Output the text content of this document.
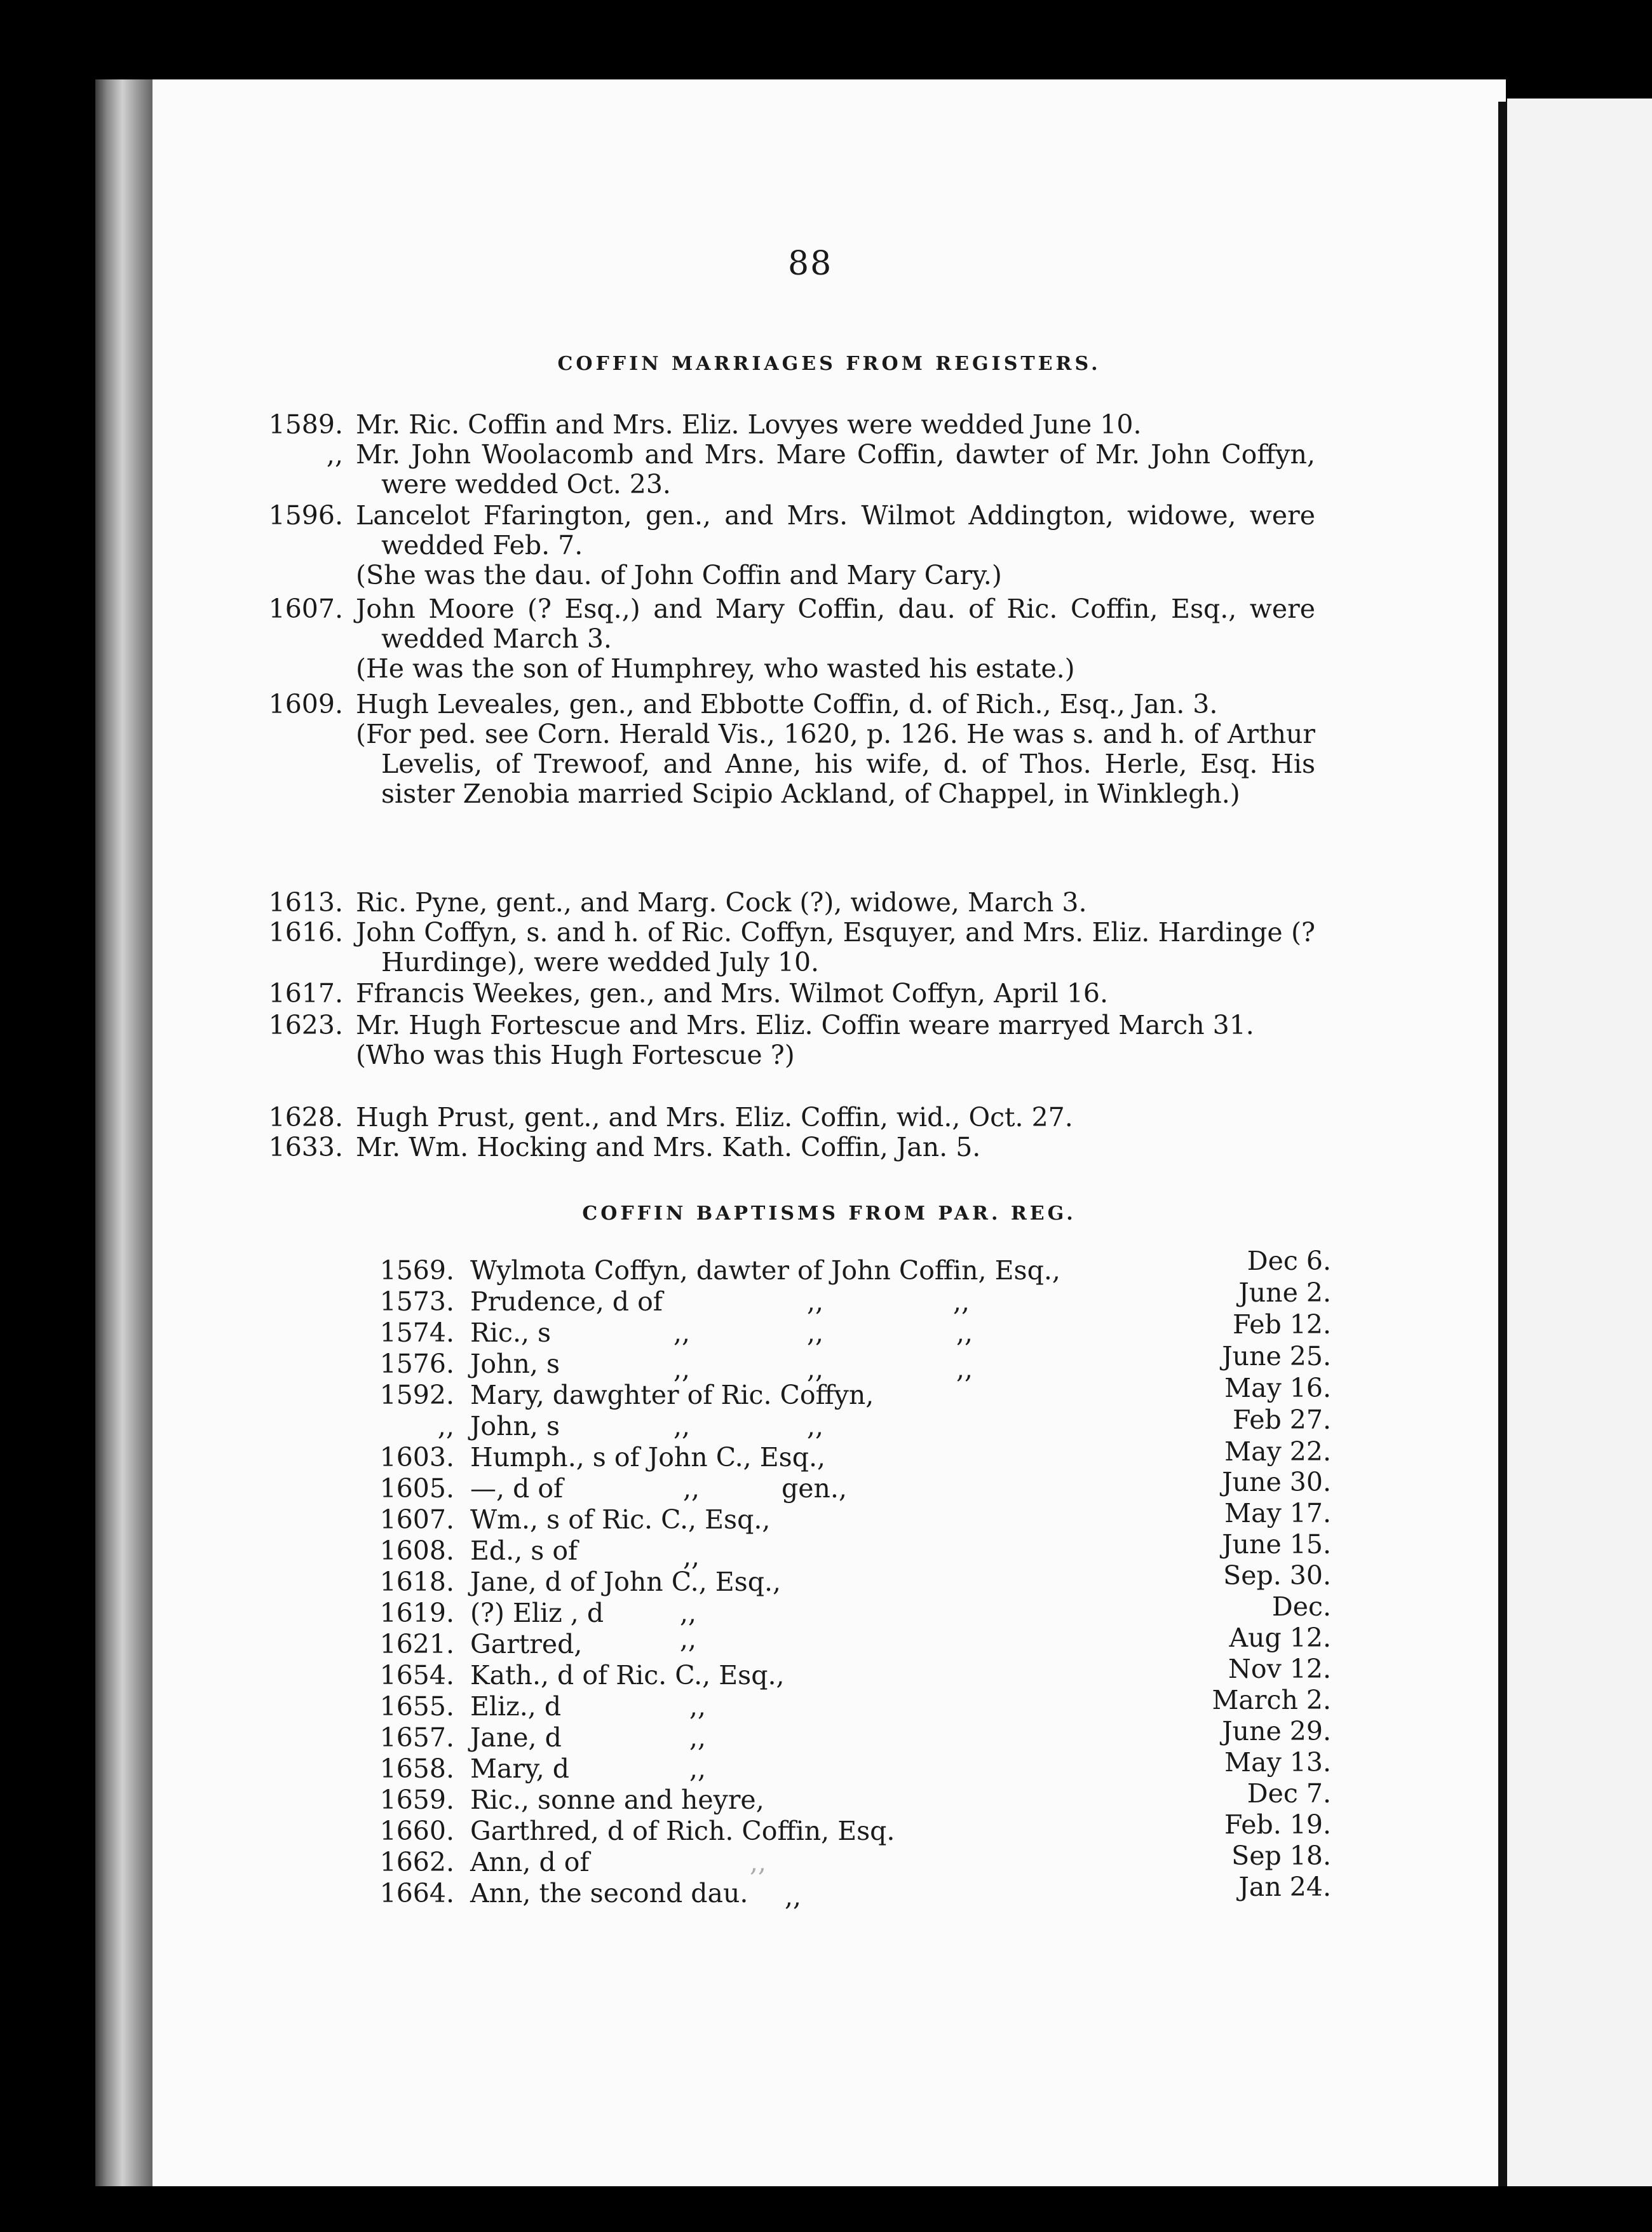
88
COFFIN MARRIAGES FROM REGISTERS.
1589. Mr. Ric. Coffin and Mrs. Eliz. Lovyes were wedded June 10.

,, Mr. John Woolacomb and Mrs. Mare Coffin, dawter of Mr. John Coffyn, were wedded Oct. 23.

1596. Lancelot Ffarington, gen., and Mrs. Wilmot Addington, widowe, were wedded Feb. 7.

(She was the dau. of John Coffin and Mary Cary.)

1607. John Moore (? Esq.,) and Mary Coffin, dau. of Ric. Coffin, Esq., were wedded March 3.

(He was the son of Humphrey, who wasted his estate.)

1609. Hugh Leveales, gen., and Ebbotte Coffin, d. of Rich., Esq., Jan. 3.

(For ped. see Corn. Herald Vis., 1620, p. 126. He was s. and h. of Arthur Levelis, of Trewoof, and Anne, his wife, d. of Thos. Herle, Esq. His sister Zenobia married Scipio Ackland, of Chappel, in Winklegh.)

1613. Ric. Pyne, gent., and Marg. Cock (?), widowe, March 3.

1616. John Coffyn, s. and h. of Ric. Coffyn, Esquyer, and Mrs. Eliz. Hardinge (? Hurdinge), were wedded July 10.

1617. Ffrancis Weekes, gen., and Mrs. Wilmot Coffyn, April 16.

1623. Mr. Hugh Fortescue and Mrs. Eliz. Coffin weare marryed March 31.

(Who was this Hugh Fortescue ?)

1628. Hugh Prust, gent., and Mrs. Eliz. Coffin, wid., Oct. 27.

1633. Mr. Wm. Hocking and Mrs. Kath. Coffin, Jan. 5.

COFFIN BAPTISMS FROM PAR. REG.
1569. Wylmota Coffyn, dawter of John Coffin, Esq.,	Dec 6.
1573. Prudence, d of	,,	,,	June 2.
1574. Ric., s	,,	,,	,,	Feb 12.
1576. John, s	,,	,,	,,	June 25.
1592. Mary, dawghter of Ric. Coffyn,	May 16.
,, John, s	,,	,,	Feb 27.
1603. Humph., s of John C., Esq.,	May 22.
1605. —, d of	,,	gen.,	June 30.
1607. Wm., s of Ric. C., Esq.,	May 17.
1608. Ed., s of	,,	June 15.
1618. Jane, d of John C., Esq.,	Sep. 30.
1619. (?) Eliz , d	,,	Dec.
1621. Gartred,	,,	Aug 12.
1654. Kath., d of Ric. C., Esq.,	Nov 12.
1655. Eliz., d	,,	March 2.
1657. Jane, d	,,	June 29.
1658. Mary, d	,,	May 13.
1659. Ric., sonne and heyre,	Dec 7.
1660. Garthred, d of Rich. Coffin, Esq.	Feb. 19.
1662. Ann, d of	,,	Sep 18.
1664. Ann, the second dau. ,,	Jan 24.
